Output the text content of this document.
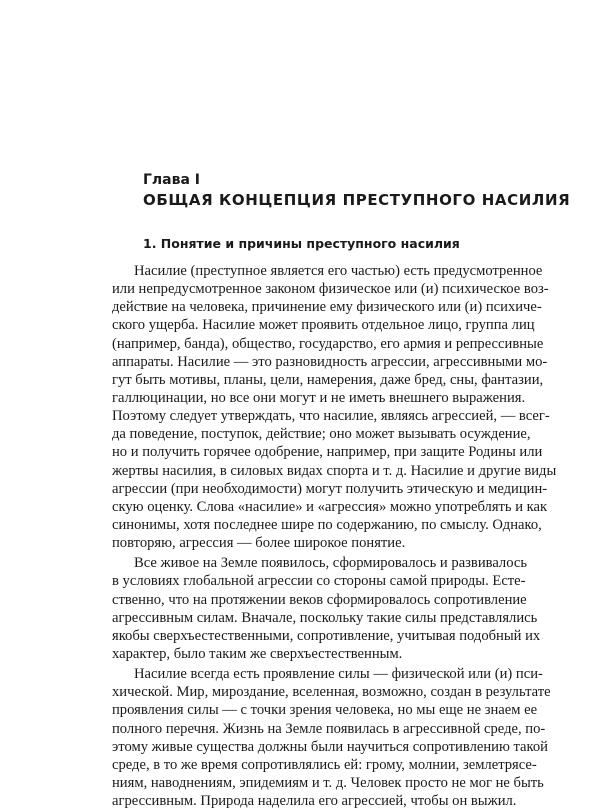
Глава I
ОБЩАЯ КОНЦЕПЦИЯ ПРЕСТУПНОГО НАСИЛИЯ
1. Понятие и причины преступного насилия
Насилие (преступное является его частью) есть предусмотренное
или непредусмотренное законом физическое или (и) психическое воз-
действие на человека, причинение ему физического или (и) психиче-
ского ущерба. Насилие может проявить отдельное лицо, группа лиц
(например, банда), общество, государство, его армия и репрессивные
аппараты. Насилие — это разновидность агрессии, агрессивными мо-
гут быть мотивы, планы, цели, намерения, даже бред, сны, фантазии,
галлюцинации, но все они могут и не иметь внешнего выражения.
Поэтому следует утверждать, что насилие, являясь агрессией, — всег-
да поведение, поступок, действие; оно может вызывать осуждение,
но и получить горячее одобрение, например, при защите Родины или
жертвы насилия, в силовых видах спорта и т. д. Насилие и другие виды
агрессии (при необходимости) могут получить этическую и медицин-
скую оценку. Слова «насилие» и «агрессия» можно употреблять и как
синонимы, хотя последнее шире по содержанию, по смыслу. Однако,
повторяю, агрессия — более широкое понятие.
Все живое на Земле появилось, сформировалось и развивалось
в условиях глобальной агрессии со стороны самой природы. Есте-
ственно, что на протяжении веков сформировалось сопротивление
агрессивным силам. Вначале, поскольку такие силы представлялись
якобы сверхъестественными, сопротивление, учитывая подобный их
характер, было таким же сверхъестественным.
Насилие всегда есть проявление силы — физической или (и) пси-
хической. Мир, мироздание, вселенная, возможно, создан в результате
проявления силы — с точки зрения человека, но мы еще не знаем ее
полного перечня. Жизнь на Земле появилась в агрессивной среде, по-
этому живые существа должны были научиться сопротивлению такой
среде, в то же время сопротивлялись ей: грому, молнии, землетрясе-
ниям, наводнениям, эпидемиям и т. д. Человек просто не мог не быть
агрессивным. Природа наделила его агрессией, чтобы он выжил.
